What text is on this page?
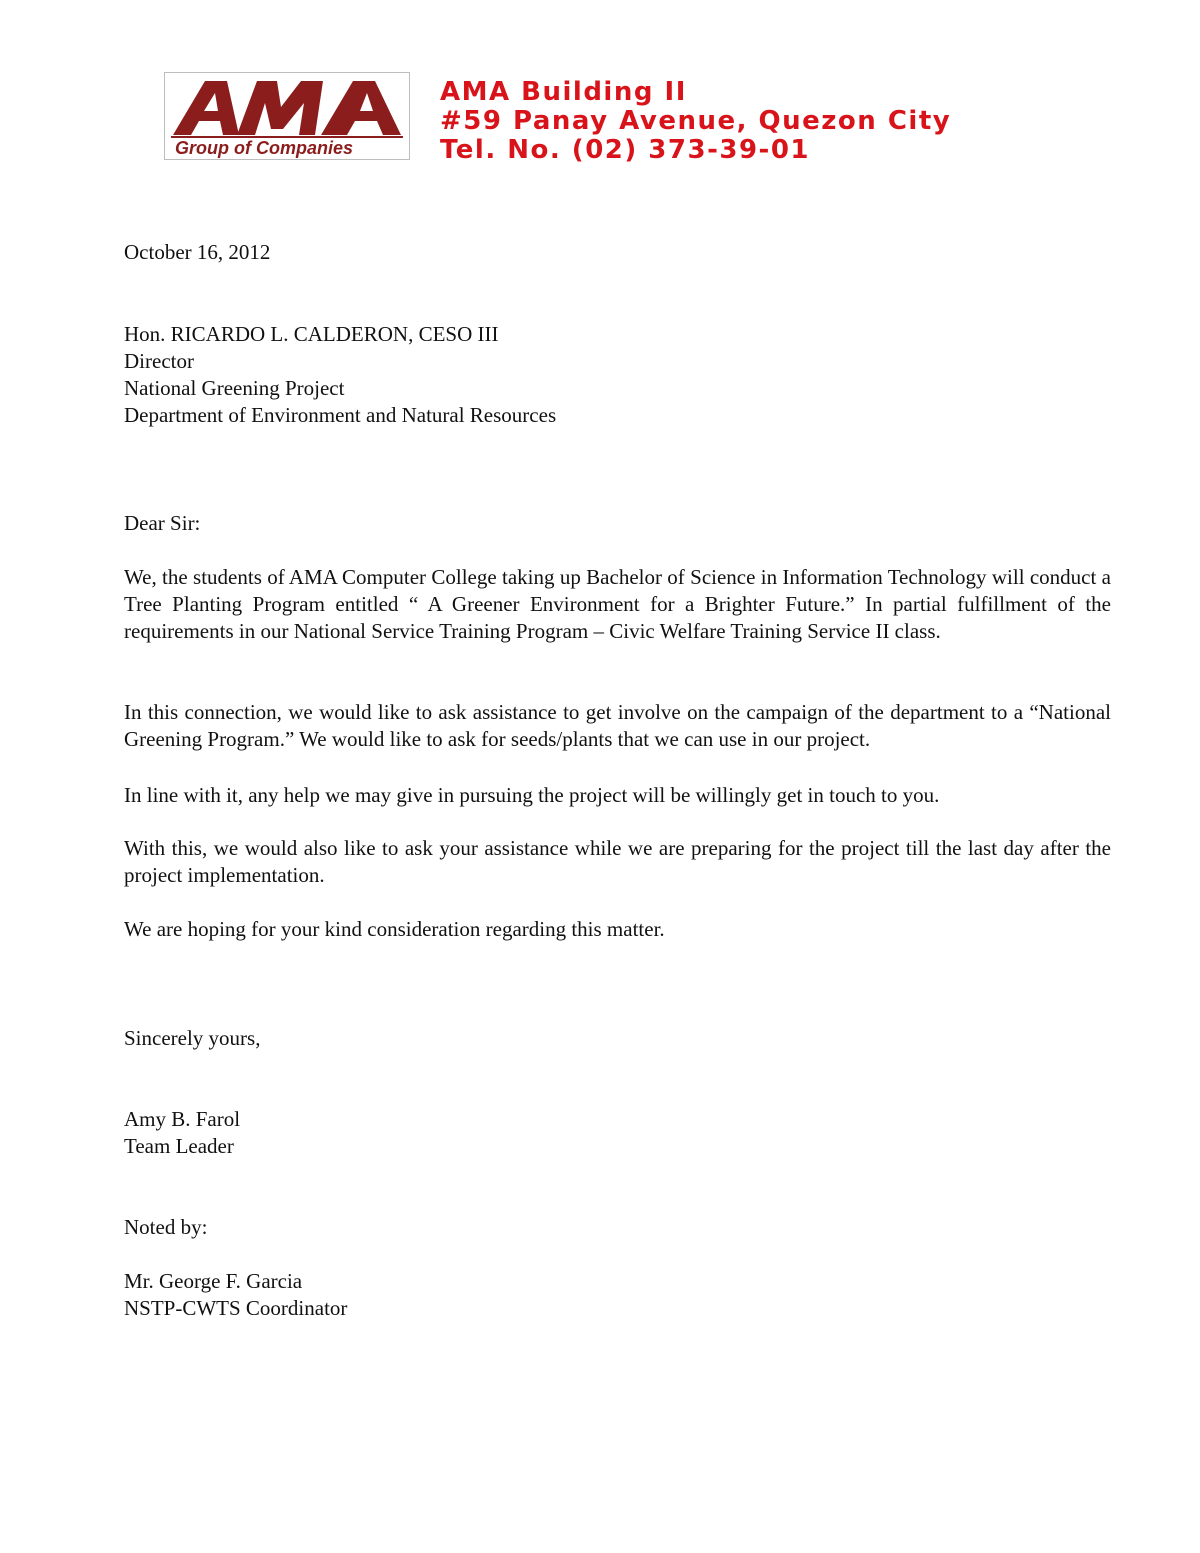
Group of Companies
AMA Building II
#59 Panay Avenue, Quezon City
Tel. No. (02) 373-39-01
October 16, 2012
Hon. RICARDO L. CALDERON, CESO III
Director
National Greening Project
Department of Environment and Natural Resources
Dear Sir:
We, the students of AMA Computer College taking up Bachelor of Science in Information Technology will conduct a Tree Planting Program entitled “ A Greener Environment for a Brighter Future.” In partial fulfillment of the requirements in our National Service Training Program – Civic Welfare Training Service II class.
In this connection, we would like to ask assistance to get involve on the campaign of the department to a “National Greening Program.” We would like to ask for seeds/plants that we can use in our project.
In line with it, any help we may give in pursuing the project will be willingly get in touch to you.
With this, we would also like to ask your assistance while we are preparing for the project till the last day after the project implementation.
We are hoping for your kind consideration regarding this matter.
Sincerely yours,
Amy B. Farol
Team Leader
Noted by:
Mr. George F. Garcia
NSTP-CWTS Coordinator
